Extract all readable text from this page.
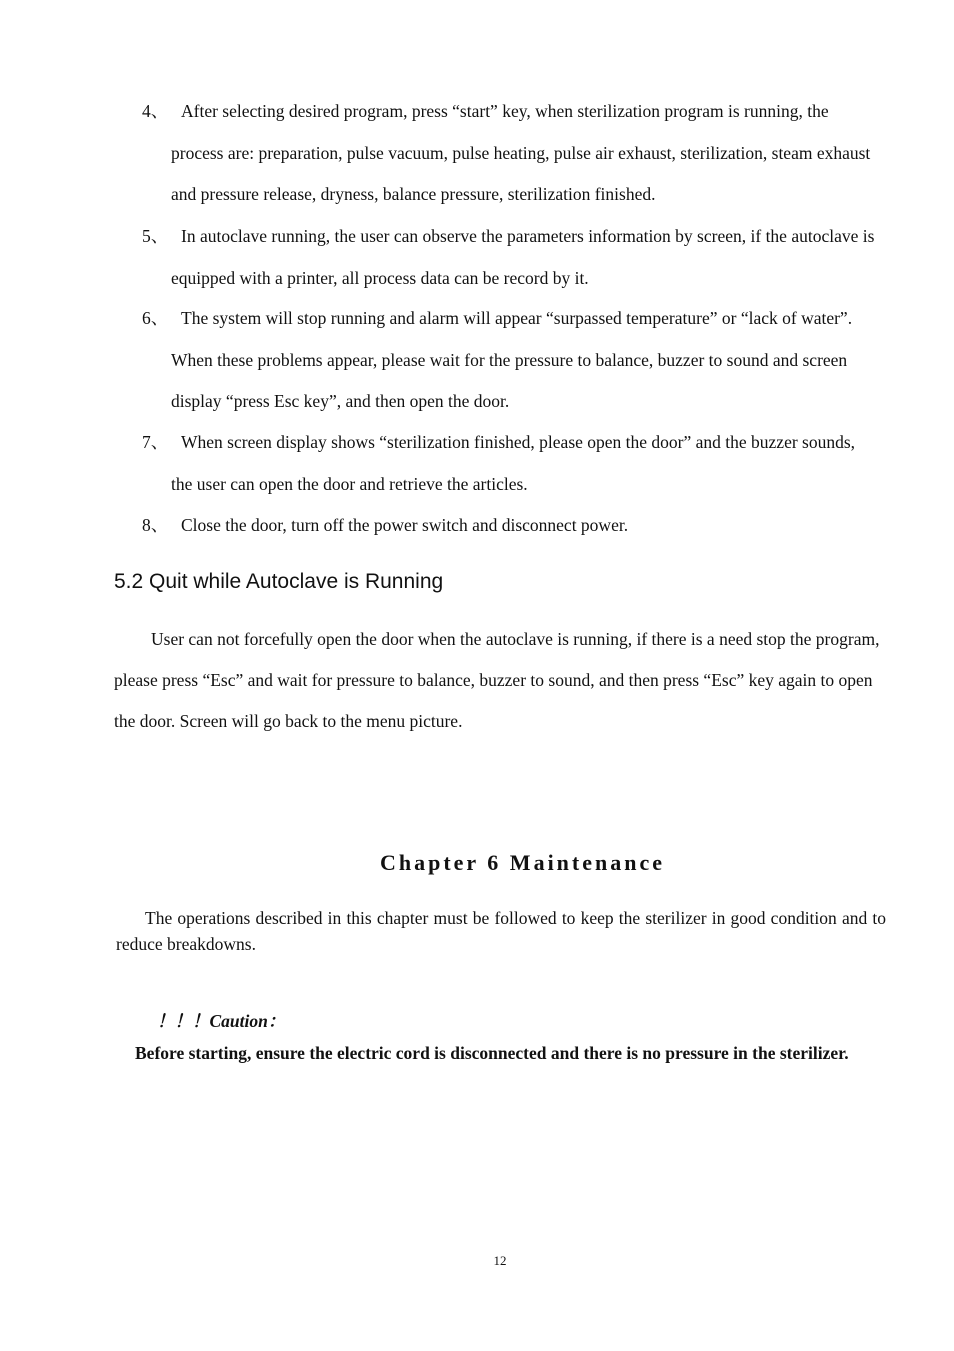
4、 After selecting desired program, press “start” key, when sterilization program is running, the process are: preparation, pulse vacuum, pulse heating, pulse air exhaust, sterilization, steam exhaust and pressure release, dryness, balance pressure, sterilization finished.
5、 In autoclave running, the user can observe the parameters information by screen, if the autoclave is equipped with a printer, all process data can be record by it.
6、 The system will stop running and alarm will appear “surpassed temperature” or “lack of water”. When these problems appear, please wait for the pressure to balance, buzzer to sound and screen display “press Esc key”, and then open the door.
7、 When screen display shows “sterilization finished, please open the door” and the buzzer sounds, the user can open the door and retrieve the articles.
8、 Close the door, turn off the power switch and disconnect power.
5.2 Quit while Autoclave is Running

User can not forcefully open the door when the autoclave is running, if there is a need stop the program, please press “Esc” and wait for pressure to balance, buzzer to sound, and then press “Esc” key again to open the door. Screen will go back to the menu picture.

Chapter 6 Maintenance

The operations described in this chapter must be followed to keep the sterilizer in good condition and to reduce breakdowns.

！！！Caution：

Before starting, ensure the electric cord is disconnected and there is no pressure in the sterilizer.

12
